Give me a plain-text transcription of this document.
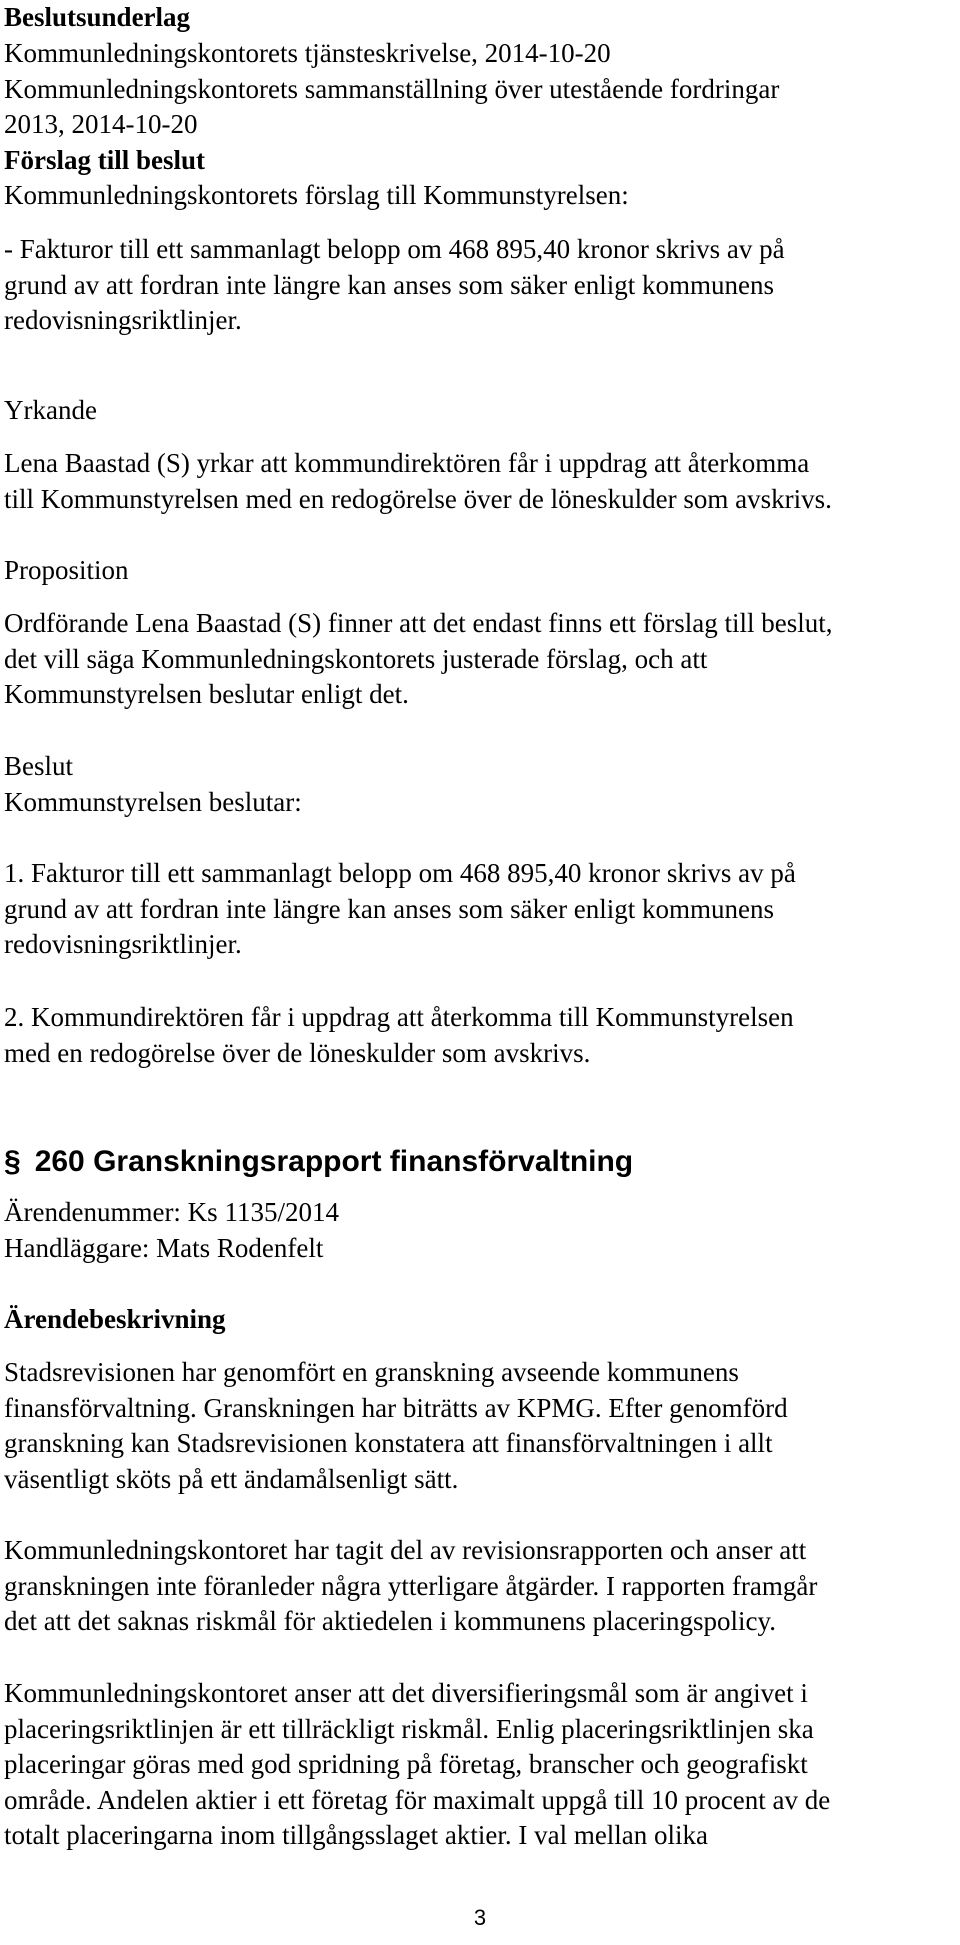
Beslutsunderlag
Kommunledningskontorets tjänsteskrivelse, 2014-10-20
Kommunledningskontorets sammanställning över utestående fordringar
2013, 2014-10-20
Förslag till beslut
Kommunledningskontorets förslag till Kommunstyrelsen:
- Fakturor till ett sammanlagt belopp om 468 895,40 kronor skrivs av på
grund av att fordran inte längre kan anses som säker enligt kommunens
redovisningsriktlinjer.
Yrkande
Lena Baastad (S) yrkar att kommundirektören får i uppdrag att återkomma
till Kommunstyrelsen med en redogörelse över de löneskulder som avskrivs.
Proposition
Ordförande Lena Baastad (S) finner att det endast finns ett förslag till beslut,
det vill säga Kommunledningskontorets justerade förslag, och att
Kommunstyrelsen beslutar enligt det.
Beslut
Kommunstyrelsen beslutar:
1. Fakturor till ett sammanlagt belopp om 468 895,40 kronor skrivs av på
grund av att fordran inte längre kan anses som säker enligt kommunens
redovisningsriktlinjer.
2. Kommundirektören får i uppdrag att återkomma till Kommunstyrelsen
med en redogörelse över de löneskulder som avskrivs.
§ 260 Granskningsrapport finansförvaltning
Ärendenummer: Ks 1135/2014
Handläggare: Mats Rodenfelt
Ärendebeskrivning
Stadsrevisionen har genomfört en granskning avseende kommunens
finansförvaltning. Granskningen har biträtts av KPMG. Efter genomförd
granskning kan Stadsrevisionen konstatera att finansförvaltningen i allt
väsentligt sköts på ett ändamålsenligt sätt.
Kommunledningskontoret har tagit del av revisionsrapporten och anser att
granskningen inte föranleder några ytterligare åtgärder. I rapporten framgår
det att det saknas riskmål för aktiedelen i kommunens placeringspolicy.
Kommunledningskontoret anser att det diversifieringsmål som är angivet i
placeringsriktlinjen är ett tillräckligt riskmål. Enlig placeringsriktlinjen ska
placeringar göras med god spridning på företag, branscher och geografiskt
område. Andelen aktier i ett företag för maximalt uppgå till 10 procent av de
totalt placeringarna inom tillgångsslaget aktier. I val mellan olika
3
